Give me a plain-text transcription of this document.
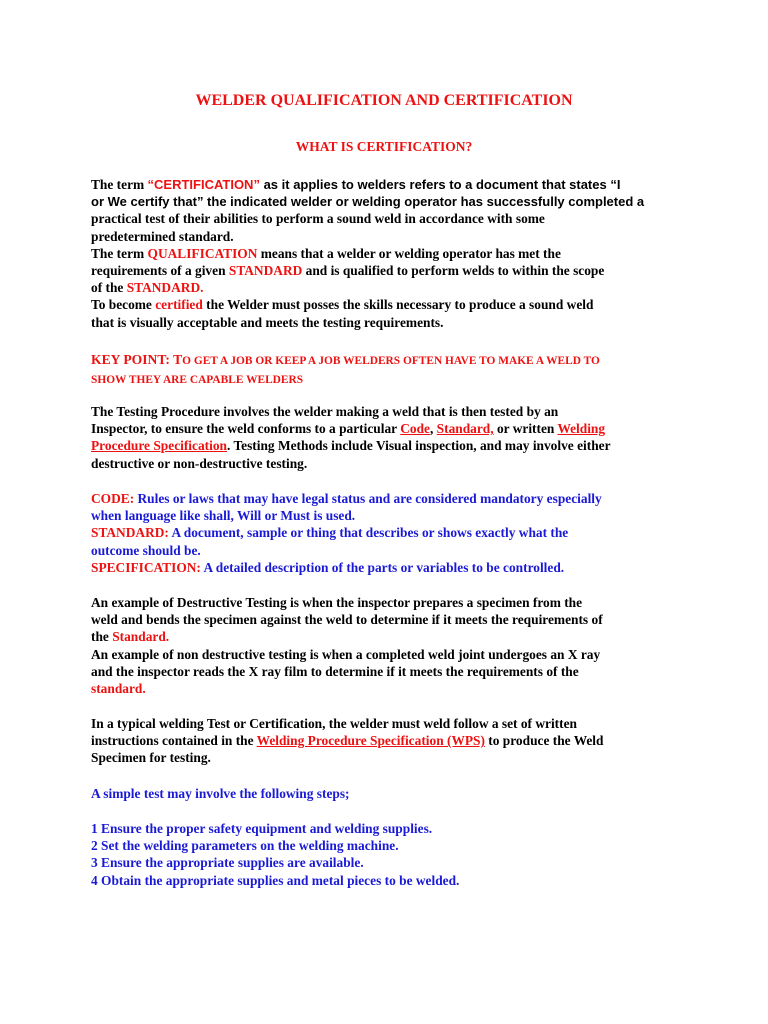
WELDER QUALIFICATION AND CERTIFICATION
WHAT IS CERTIFICATION?
The term “CERTIFICATION” as it applies to welders refers to a document that states “I
or We certify that” the indicated welder or welding operator has successfully completed a
practical test of their abilities to perform a sound weld in accordance with some
predetermined standard.
The term QUALIFICATION means that a welder or welding operator has met the
requirements of a given STANDARD and is qualified to perform welds to within the scope
of the STANDARD.
To become certified the Welder must posses the skills necessary to produce a sound weld
that is visually acceptable and meets the testing requirements.
KEY POINT: TO GET A JOB OR KEEP A JOB WELDERS OFTEN HAVE TO MAKE A WELD TO
SHOW THEY ARE CAPABLE WELDERS
The Testing Procedure involves the welder making a weld that is then tested by an
Inspector, to ensure the weld conforms to a particular Code, Standard, or written Welding
Procedure Specification. Testing Methods include Visual inspection, and may involve either
destructive or non-destructive testing.
CODE: Rules or laws that may have legal status and are considered mandatory especially
when language like shall, Will or Must is used.
STANDARD: A document, sample or thing that describes or shows exactly what the
outcome should be.
SPECIFICATION: A detailed description of the parts or variables to be controlled.
An example of Destructive Testing is when the inspector prepares a specimen from the
weld and bends the specimen against the weld to determine if it meets the requirements of
the Standard.
An example of non destructive testing is when a completed weld joint undergoes an X ray
and the inspector reads the X ray film to determine if it meets the requirements of the
standard.
In a typical welding Test or Certification, the welder must weld follow a set of written
instructions contained in the Welding Procedure Specification (WPS) to produce the Weld
Specimen for testing.
A simple test may involve the following steps;
1 Ensure the proper safety equipment and welding supplies.
2 Set the welding parameters on the welding machine.
3 Ensure the appropriate supplies are available.
4 Obtain the appropriate supplies and metal pieces to be welded.
